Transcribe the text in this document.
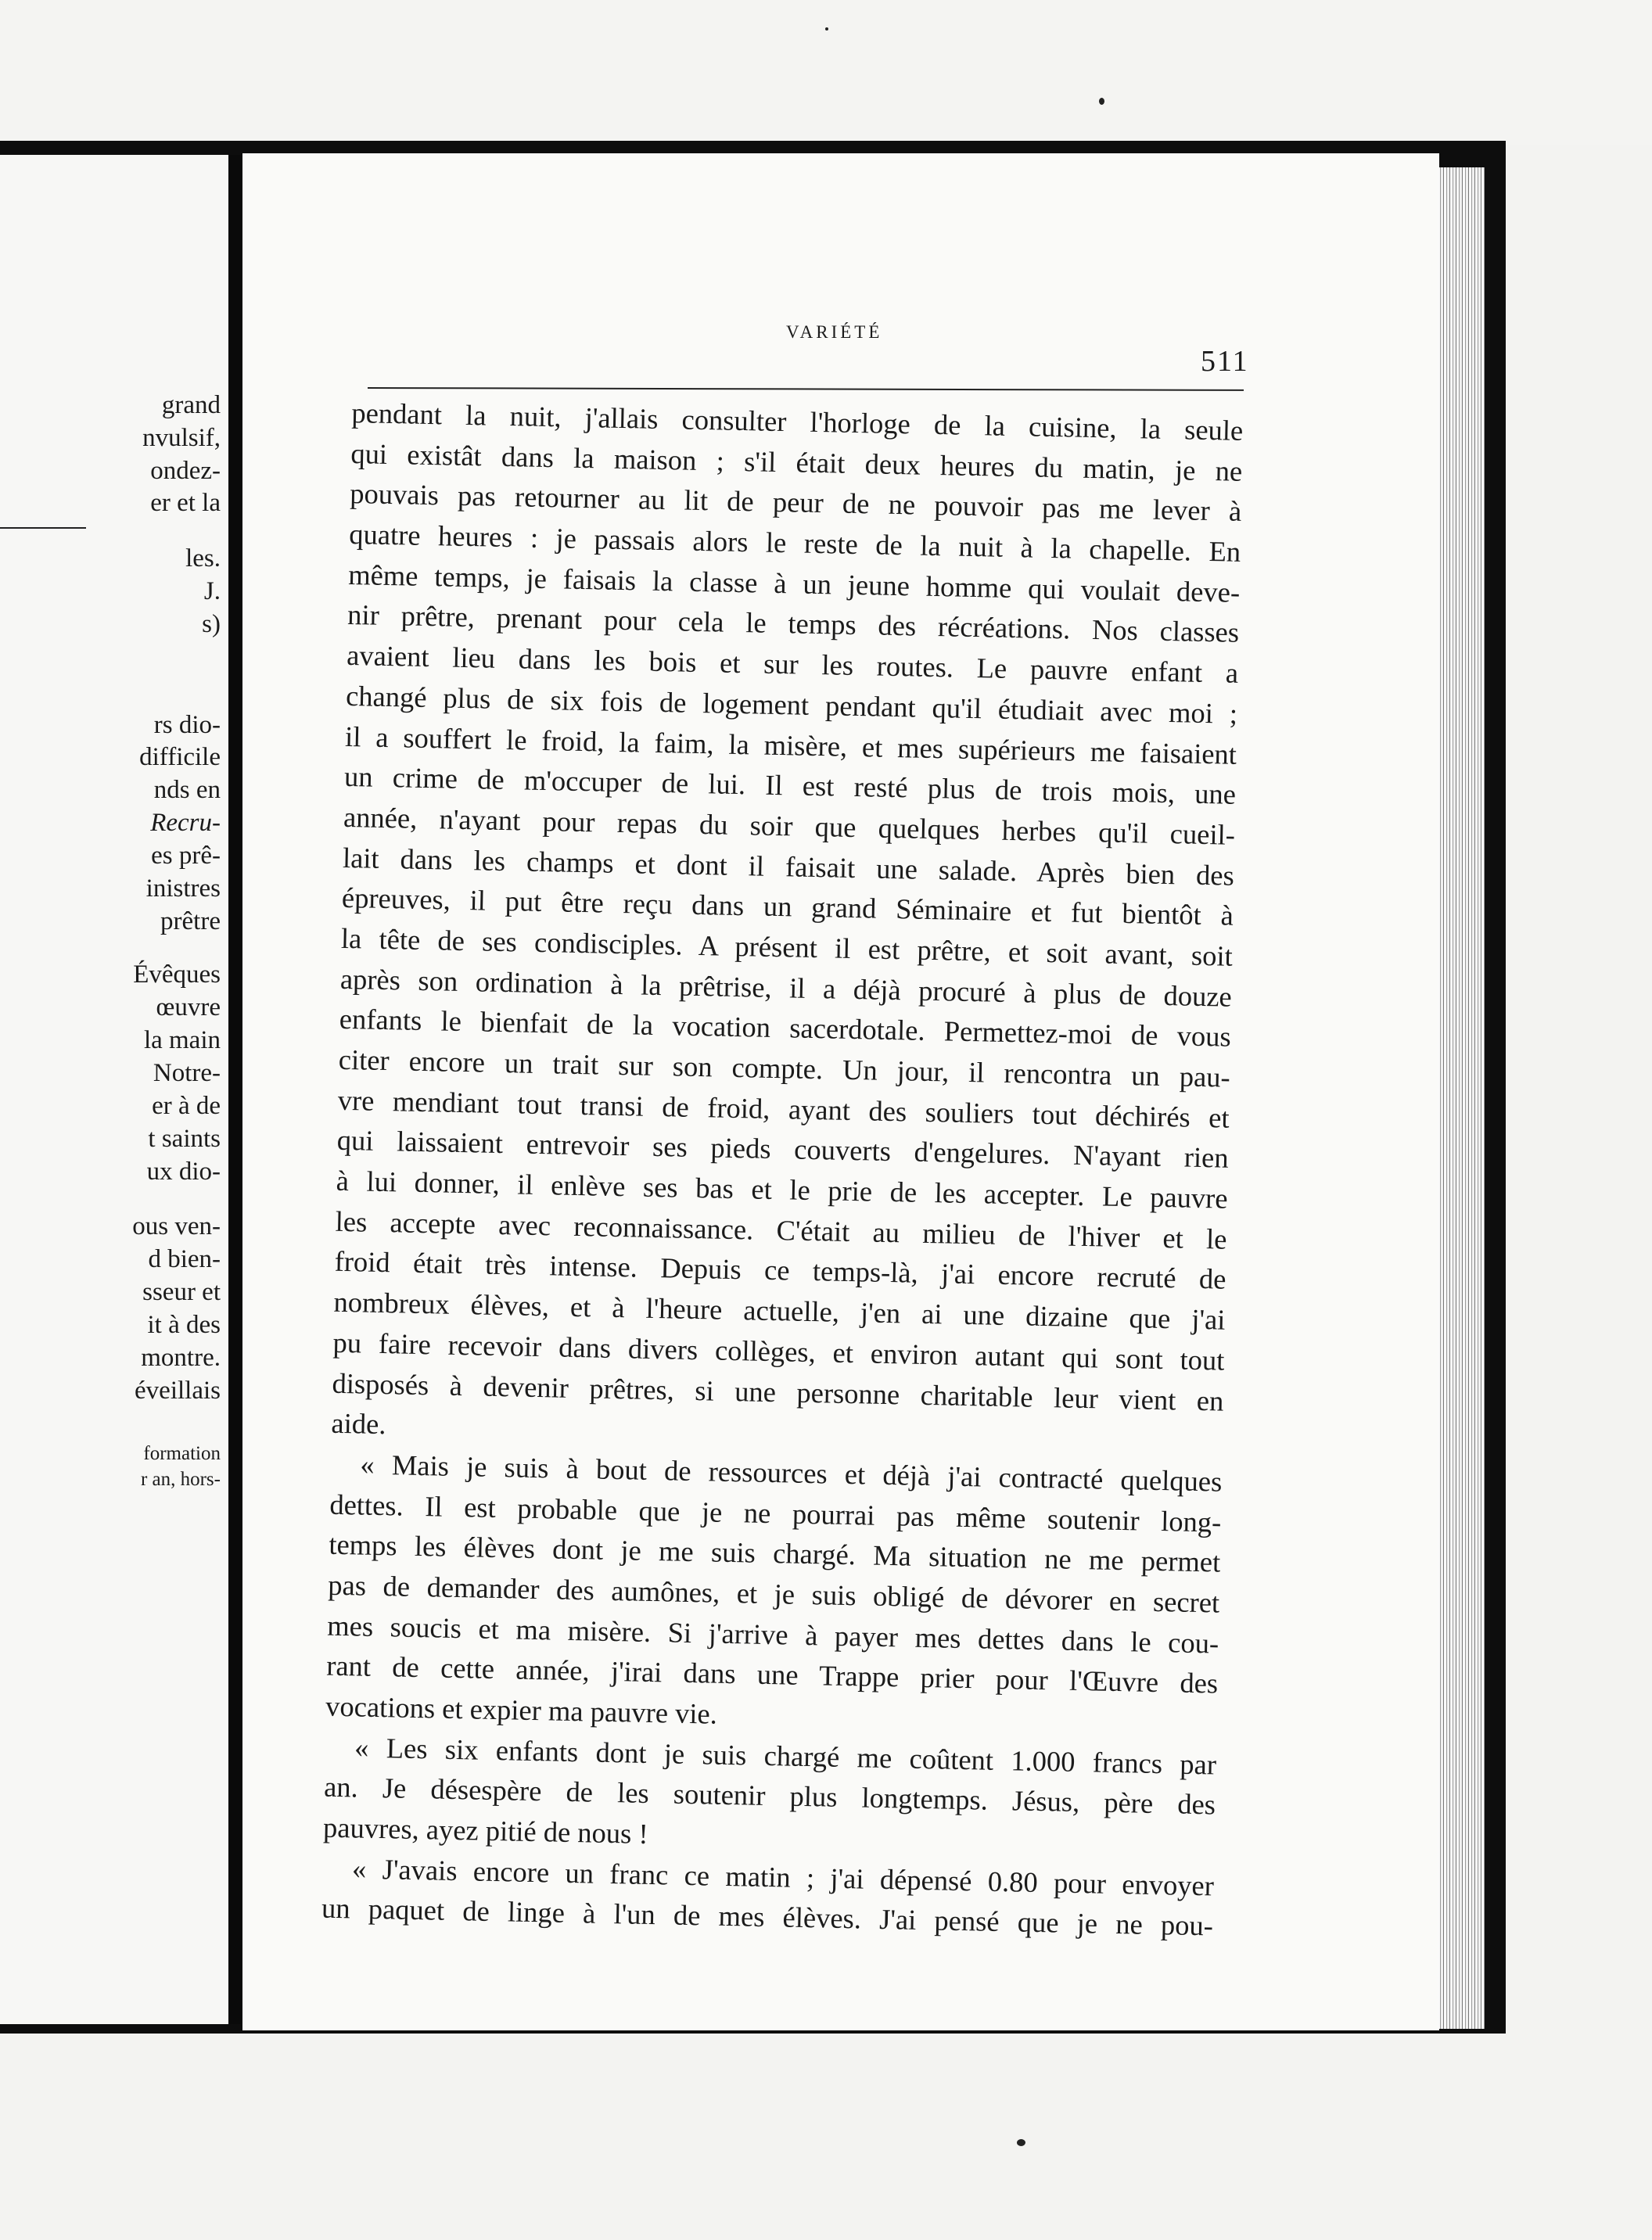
grand
nvulsif,
ondez-
er et la
les.
J.
s)
rs dio-
difficile
nds en
Recru-
es prê-
inistres
prêtre
Évêques
œuvre
la main
Notre-
er à de
t saints
ux dio-
ous ven-
d bien-
sseur et
it à des
montre.
éveillais
formation
r an, hors-
VARIÉTÉ
511
pendant la nuit, j'allais consulter l'horloge de la cuisine, la seule
qui existât dans la maison ; s'il était deux heures du matin, je ne
pouvais pas retourner au lit de peur de ne pouvoir pas me lever à
quatre heures : je passais alors le reste de la nuit à la chapelle. En
même temps, je faisais la classe à un jeune homme qui voulait deve-
nir prêtre, prenant pour cela le temps des récréations. Nos classes
avaient lieu dans les bois et sur les routes. Le pauvre enfant a
changé plus de six fois de logement pendant qu'il étudiait avec moi ;
il a souffert le froid, la faim, la misère, et mes supérieurs me faisaient
un crime de m'occuper de lui. Il est resté plus de trois mois, une
année, n'ayant pour repas du soir que quelques herbes qu'il cueil-
lait dans les champs et dont il faisait une salade. Après bien des
épreuves, il put être reçu dans un grand Séminaire et fut bientôt à
la tête de ses condisciples. A présent il est prêtre, et soit avant, soit
après son ordination à la prêtrise, il a déjà procuré à plus de douze
enfants le bienfait de la vocation sacerdotale. Permettez-moi de vous
citer encore un trait sur son compte. Un jour, il rencontra un pau-
vre mendiant tout transi de froid, ayant des souliers tout déchirés et
qui laissaient entrevoir ses pieds couverts d'engelures. N'ayant rien
à lui donner, il enlève ses bas et le prie de les accepter. Le pauvre
les accepte avec reconnaissance. C'était au milieu de l'hiver et le
froid était très intense. Depuis ce temps-là, j'ai encore recruté de
nombreux élèves, et à l'heure actuelle, j'en ai une dizaine que j'ai
pu faire recevoir dans divers collèges, et environ autant qui sont tout
disposés à devenir prêtres, si une personne charitable leur vient en
aide.
« Mais je suis à bout de ressources et déjà j'ai contracté quelques
dettes. Il est probable que je ne pourrai pas même soutenir long-
temps les élèves dont je me suis chargé. Ma situation ne me permet
pas de demander des aumônes, et je suis obligé de dévorer en secret
mes soucis et ma misère. Si j'arrive à payer mes dettes dans le cou-
rant de cette année, j'irai dans une Trappe prier pour l'Œuvre des
vocations et expier ma pauvre vie.
« Les six enfants dont je suis chargé me coûtent 1.000 francs par
an. Je désespère de les soutenir plus longtemps. Jésus, père des
pauvres, ayez pitié de nous !
« J'avais encore un franc ce matin ; j'ai dépensé 0.80 pour envoyer
un paquet de linge à l'un de mes élèves. J'ai pensé que je ne pou-
